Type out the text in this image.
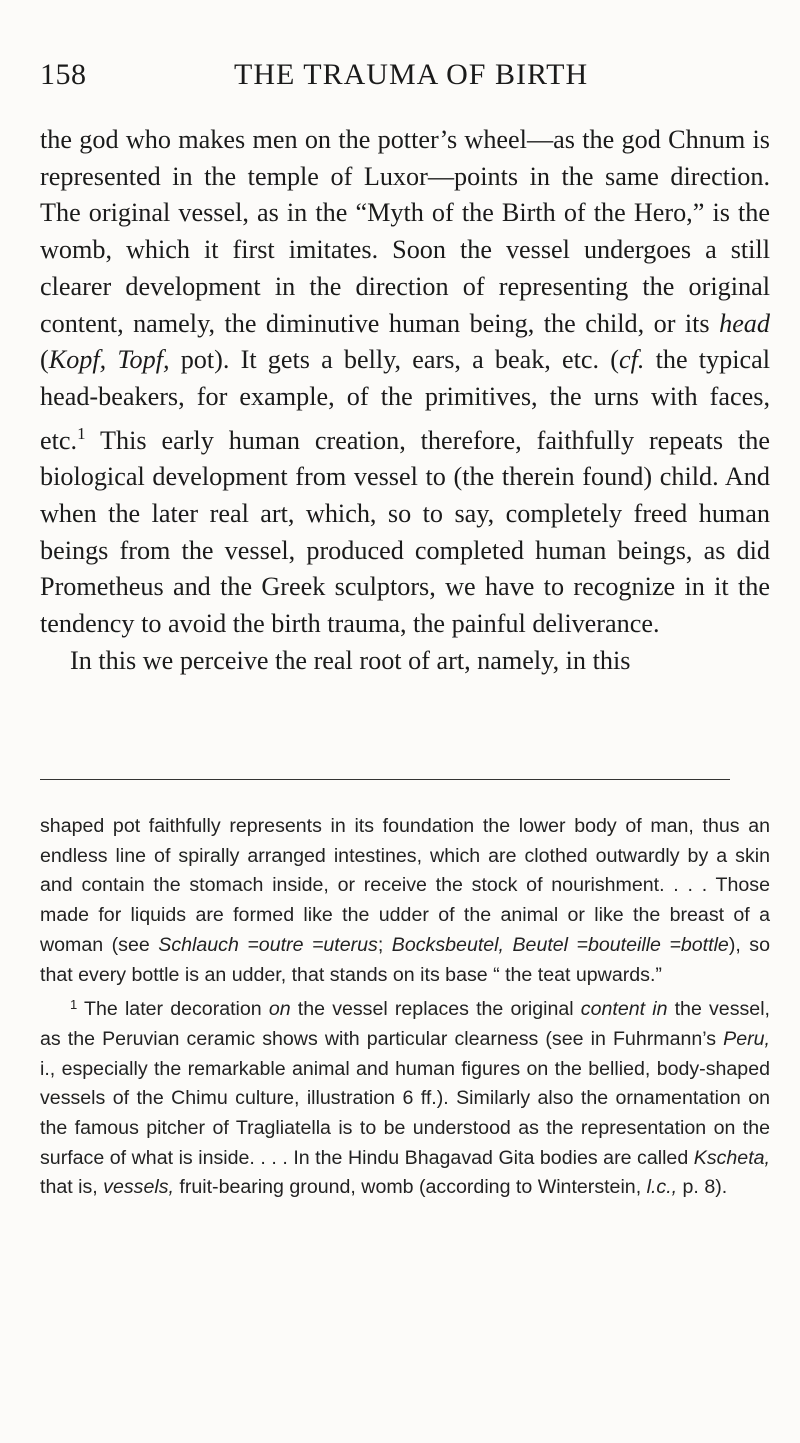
158	THE TRAUMA OF BIRTH

the god who makes men on the potter’s wheel—as the god Chnum is represented in the temple of Luxor—points in the same direction. The original vessel, as in the “Myth of the Birth of the Hero,” is the womb, which it first imitates. Soon the vessel undergoes a still clearer development in the direction of representing the original content, namely, the diminutive human being, the child, or its head (Kopf, Topf, pot). It gets a belly, ears, a beak, etc. (cf. the typical head-beakers, for example, of the primitives, the urns with faces, etc.$^1$ This early human creation, therefore, faithfully repeats the biological development from vessel to (the therein found) child. And when the later real art, which, so to say, completely freed human beings from the vessel, produced completed human beings, as did Prometheus and the Greek sculptors, we have to recognize in it the tendency to avoid the birth trauma, the painful deliverance.

In this we perceive the real root of art, namely, in this

shaped pot faithfully represents in its foundation the lower body of man, thus an endless line of spirally arranged intestines, which are clothed outwardly by a skin and contain the stomach inside, or receive the stock of nourishment. . . . Those made for liquids are formed like the udder of the animal or like the breast of a woman (see Schlauch =outre =uterus; Bocksbeutel, Beutel =bouteille =bottle), so that every bottle is an udder, that stands on its base “ the teat upwards.”

$^1$ The later decoration on the vessel replaces the original content in the vessel, as the Peruvian ceramic shows with particular clearness (see in Fuhrmann’s Peru, i., especially the remarkable animal and human figures on the bellied, body-shaped vessels of the Chimu culture, illustration 6 ff.). Similarly also the ornamentation on the famous pitcher of Tragliatella is to be understood as the representation on the surface of what is inside. . . . In the Hindu Bhagavad Gita bodies are called Kscheta, that is, vessels, fruit-bearing ground, womb (according to Winterstein, l.c., p. 8).
